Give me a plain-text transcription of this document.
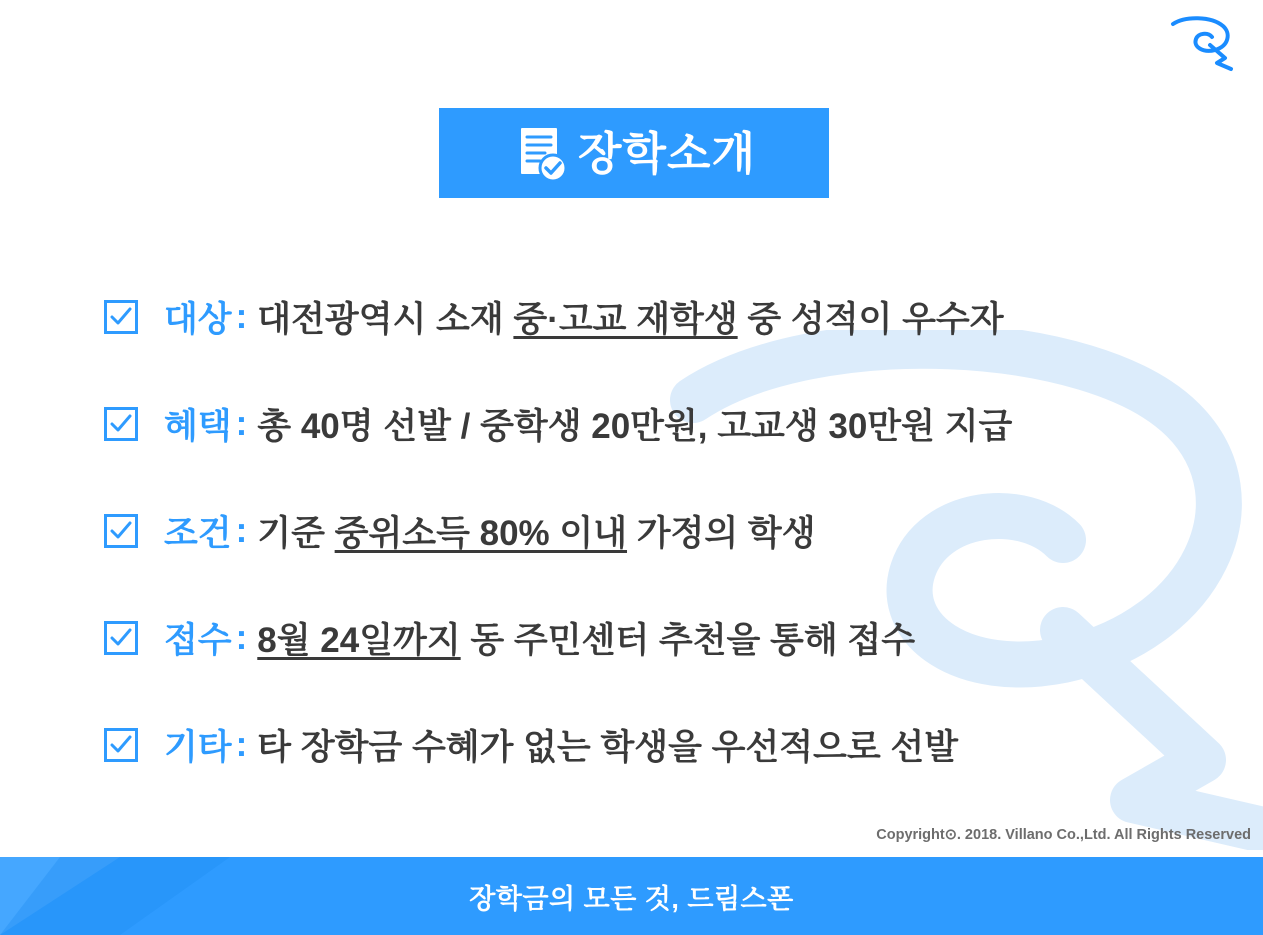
장학소개
대상 : 대전광역시 소재 중·고교 재학생 중 성적이 우수자
혜택 : 총 40명 선발 / 중학생 20만원, 고교생 30만원 지급
조건 : 기준 중위소득 80% 이내 가정의 학생
접수 : 8월 24일까지 동 주민센터 추천을 통해 접수
기타 : 타 장학금 수혜가 없는 학생을 우선적으로 선발
Copyright⊙. 2018. Villano Co.,Ltd. All Rights Reserved
장학금의 모든 것, 드림스폰
